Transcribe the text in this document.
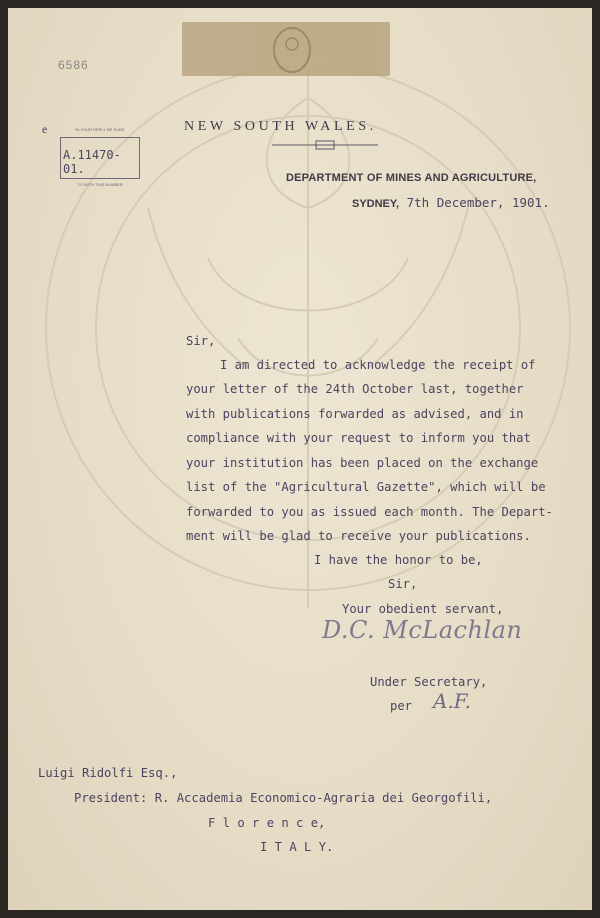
6586
e	IN YOUR REPLY BE SURE
A.11470-01.
TO WITH THIS NUMBER
NEW SOUTH WALES.
DEPARTMENT OF MINES AND AGRICULTURE,
SYDNEY, 7th December, 1901.
Sir,
I am directed to acknowledge the receipt of
your letter of the 24th October last, together
with publications forwarded as advised, and in
compliance with your request to inform you that
your institution has been placed on the exchange
list of the "Agricultural Gazette", which will be
forwarded to you as issued each month. The Depart-
ment will be glad to receive your publications.
I have the honor to be,
Sir,
Your obedient servant,
D.C. McLachlan
Under Secretary,
per A.F.
Luigi Ridolfi Esq.,
President: R. Accademia Economico-Agraria dei Georgofili,
F l o r e n c e,
I T A L Y.
